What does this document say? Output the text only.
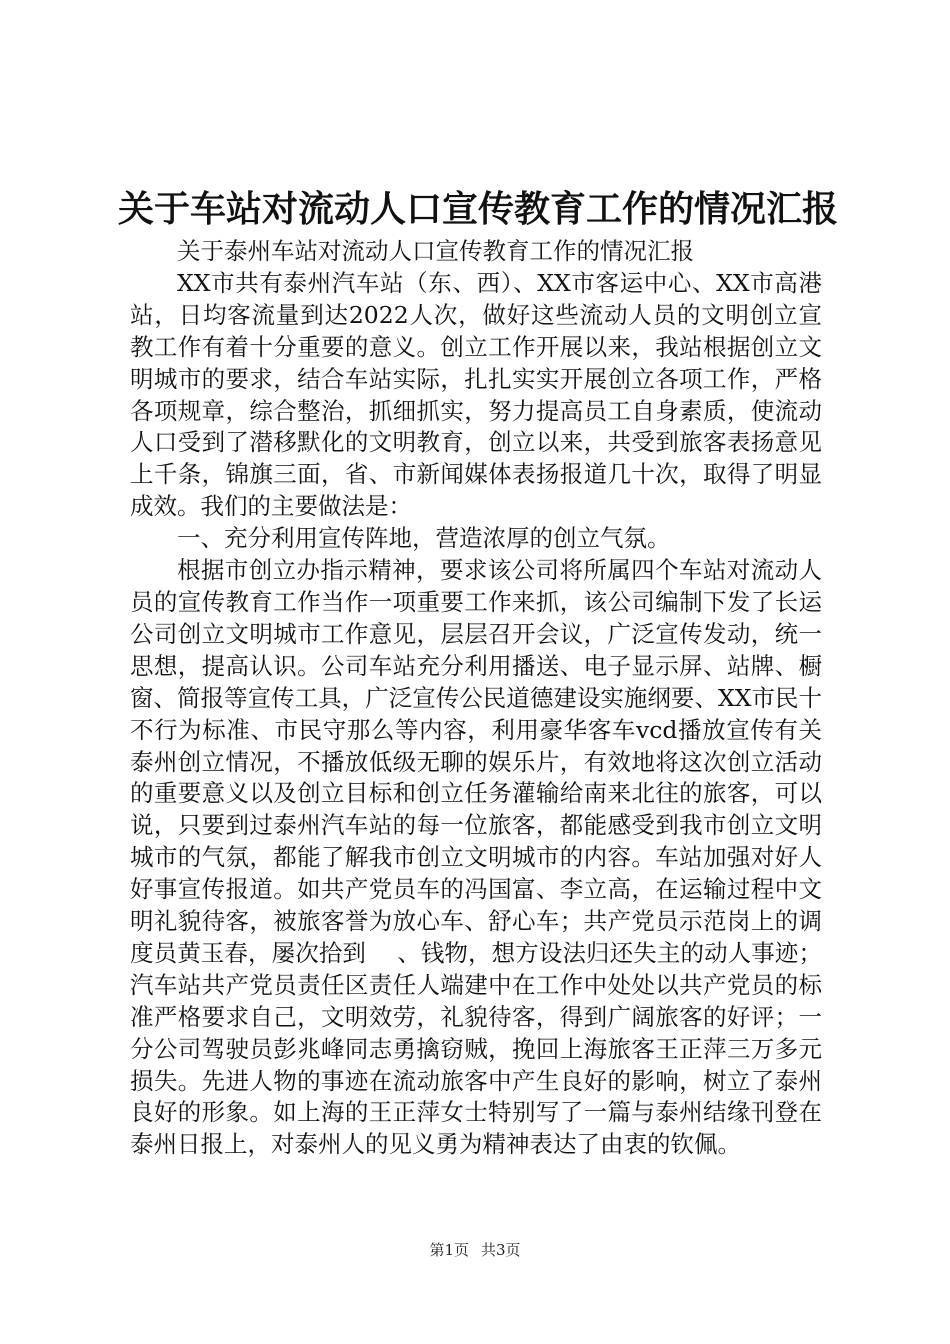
关于车站对流动人口宣传教育工作的情况汇报

关于泰州车站对流动人口宣传教育工作的情况汇报

XX市共有泰州汽车站（东、西）、XX市客运中心、XX市高港站，日均客流量到达2022人次，做好这些流动人员的文明创立宣教工作有着十分重要的意义。创立工作开展以来，我站根据创立文明城市的要求，结合车站实际，扎扎实实开展创立各项工作，严格各项规章，综合整治，抓细抓实，努力提高员工自身素质，使流动人口受到了潜移默化的文明教育，创立以来，共受到旅客表扬意见上千条，锦旗三面，省、市新闻媒体表扬报道几十次，取得了明显成效。我们的主要做法是：

一、充分利用宣传阵地，营造浓厚的创立气氛。

根据市创立办指示精神，要求该公司将所属四个车站对流动人员的宣传教育工作当作一项重要工作来抓，该公司编制下发了长运公司创立文明城市工作意见，层层召开会议，广泛宣传发动，统一思想，提高认识。公司车站充分利用播送、电子显示屏、站牌、橱窗、简报等宣传工具，广泛宣传公民道德建设实施纲要、XX市民十不行为标准、市民守那么等内容，利用豪华客车vcd播放宣传有关泰州创立情况，不播放低级无聊的娱乐片，有效地将这次创立活动的重要意义以及创立目标和创立任务灌输给南来北往的旅客，可以说，只要到过泰州汽车站的每一位旅客，都能感受到我市创立文明城市的气氛，都能了解我市创立文明城市的内容。车站加强对好人好事宣传报道。如共产党员车的冯国富、李立高，在运输过程中文明礼貌待客，被旅客誉为放心车、舒心车；共产党员示范岗上的调度员黄玉春，屡次拾到　 、钱物，想方设法归还失主的动人事迹；汽车站共产党员责任区责任人端建中在工作中处处以共产党员的标准严格要求自己，文明效劳，礼貌待客，得到广阔旅客的好评；一分公司驾驶员彭兆峰同志勇擒窃贼，挽回上海旅客王正萍三万多元损失。先进人物的事迹在流动旅客中产生良好的影响，树立了泰州良好的形象。如上海的王正萍女士特别写了一篇与泰州结缘刊登在泰州日报上，对泰州人的见义勇为精神表达了由衷的钦佩。

第1页 共3页
